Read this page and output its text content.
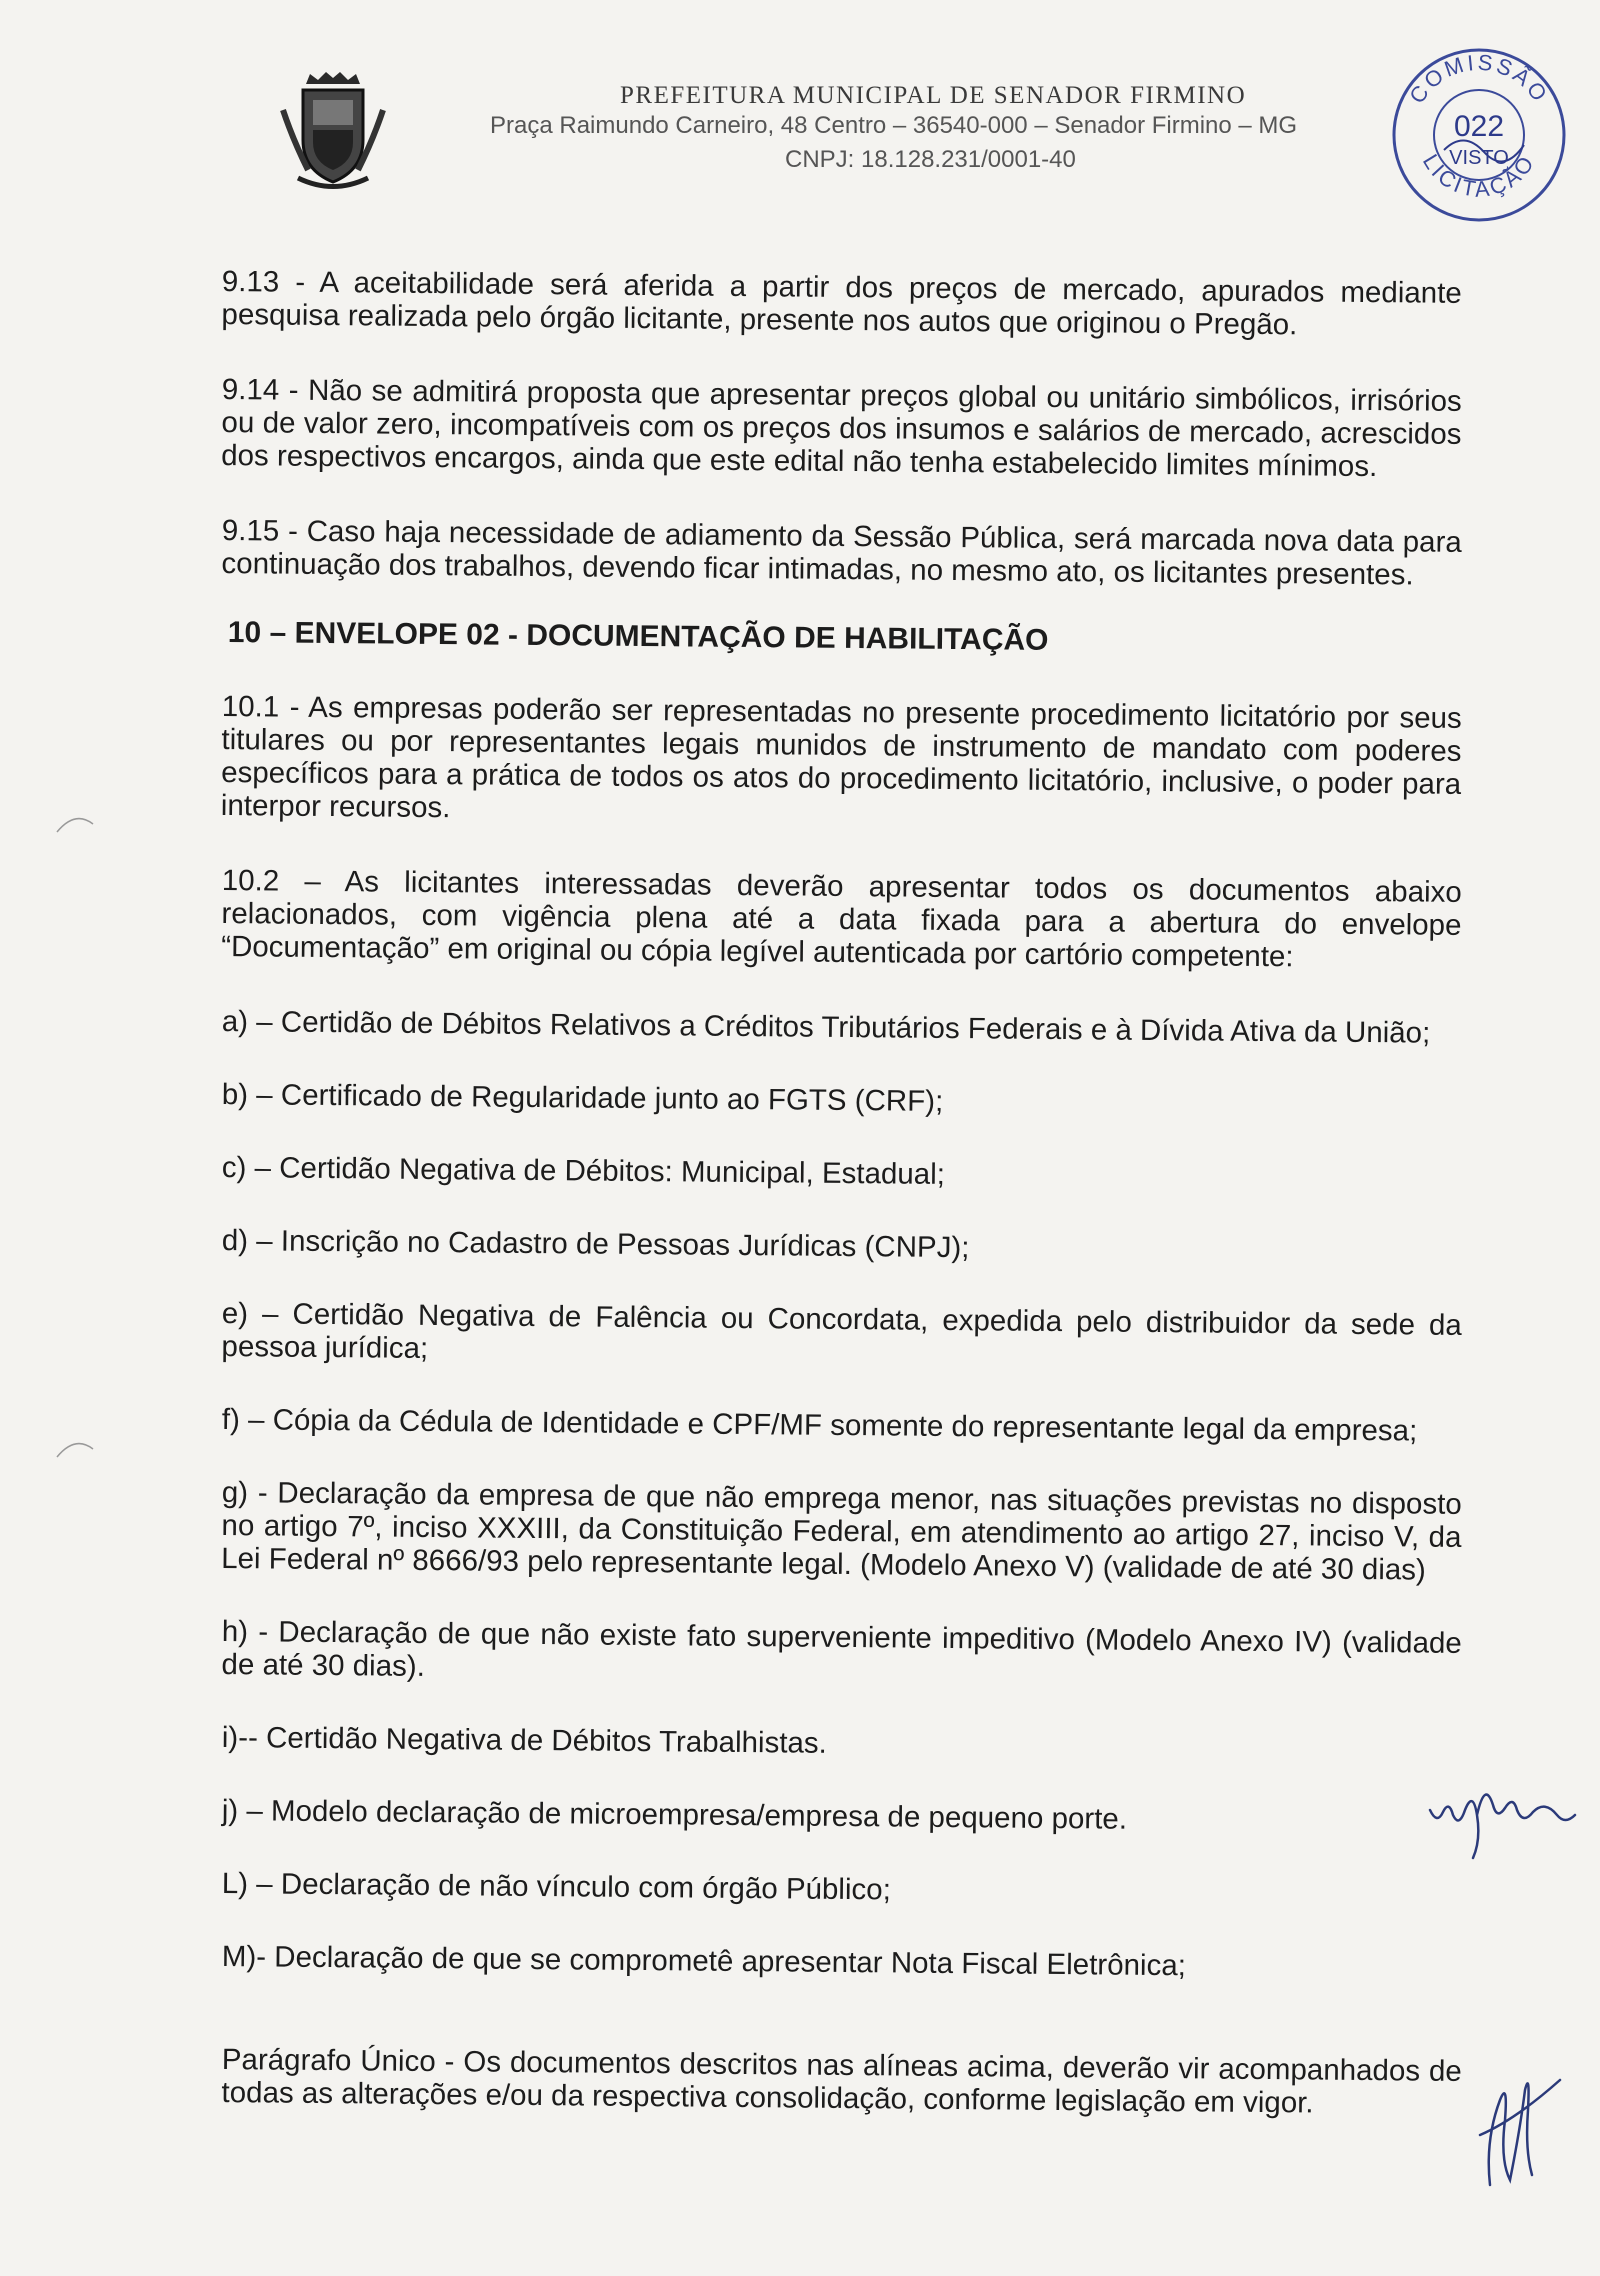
PREFEITURA MUNICIPAL DE SENADOR FIRMINO
Praça Raimundo Carneiro, 48 Centro – 36540-000 – Senador Firmino – MG
CNPJ: 18.128.231/0001-40
COMISSÃO
LICITAÇÃO
022
VISTO

9.13 - A aceitabilidade será aferida a partir dos preços de mercado, apurados mediante pesquisa realizada pelo órgão licitante, presente nos autos que originou o Pregão.

9.14 - Não se admitirá proposta que apresentar preços global ou unitário simbólicos, irrisórios ou de valor zero, incompatíveis com os preços dos insumos e salários de mercado, acrescidos dos respectivos encargos, ainda que este edital não tenha estabelecido limites mínimos.

9.15 - Caso haja necessidade de adiamento da Sessão Pública, será marcada nova data para continuação dos trabalhos, devendo ficar intimadas, no mesmo ato, os licitantes presentes.

10 – ENVELOPE 02 - DOCUMENTAÇÃO DE HABILITAÇÃO

10.1 - As empresas poderão ser representadas no presente procedimento licitatório por seus titulares ou por representantes legais munidos de instrumento de mandato com poderes específicos para a prática de todos os atos do procedimento licitatório, inclusive, o poder para interpor recursos.

10.2 – As licitantes interessadas deverão apresentar todos os documentos abaixo relacionados, com vigência plena até a data fixada para a abertura do envelope “Documentação” em original ou cópia legível autenticada por cartório competente:

a) – Certidão de Débitos Relativos a Créditos Tributários Federais e à Dívida Ativa da União;

b) – Certificado de Regularidade junto ao FGTS (CRF);

c) – Certidão Negativa de Débitos: Municipal, Estadual;

d) – Inscrição no Cadastro de Pessoas Jurídicas (CNPJ);

e) – Certidão Negativa de Falência ou Concordata, expedida pelo distribuidor da sede da pessoa jurídica;

f) – Cópia da Cédula de Identidade e CPF/MF somente do representante legal da empresa;

g) - Declaração da empresa de que não emprega menor, nas situações previstas no disposto no artigo 7º, inciso XXXIII, da Constituição Federal, em atendimento ao artigo 27, inciso V, da Lei Federal nº 8666/93 pelo representante legal. (Modelo Anexo V) (validade de até 30 dias)

h) - Declaração de que não existe fato superveniente impeditivo (Modelo Anexo IV) (validade de até 30 dias).

i)-- Certidão Negativa de Débitos Trabalhistas.

j) – Modelo declaração de microempresa/empresa de pequeno porte.

L) – Declaração de não vínculo com órgão Público;

M)- Declaração de que se comprometê apresentar Nota Fiscal Eletrônica;

Parágrafo Único - Os documentos descritos nas alíneas acima, deverão vir acompanhados de todas as alterações e/ou da respectiva consolidação, conforme legislação em vigor.
